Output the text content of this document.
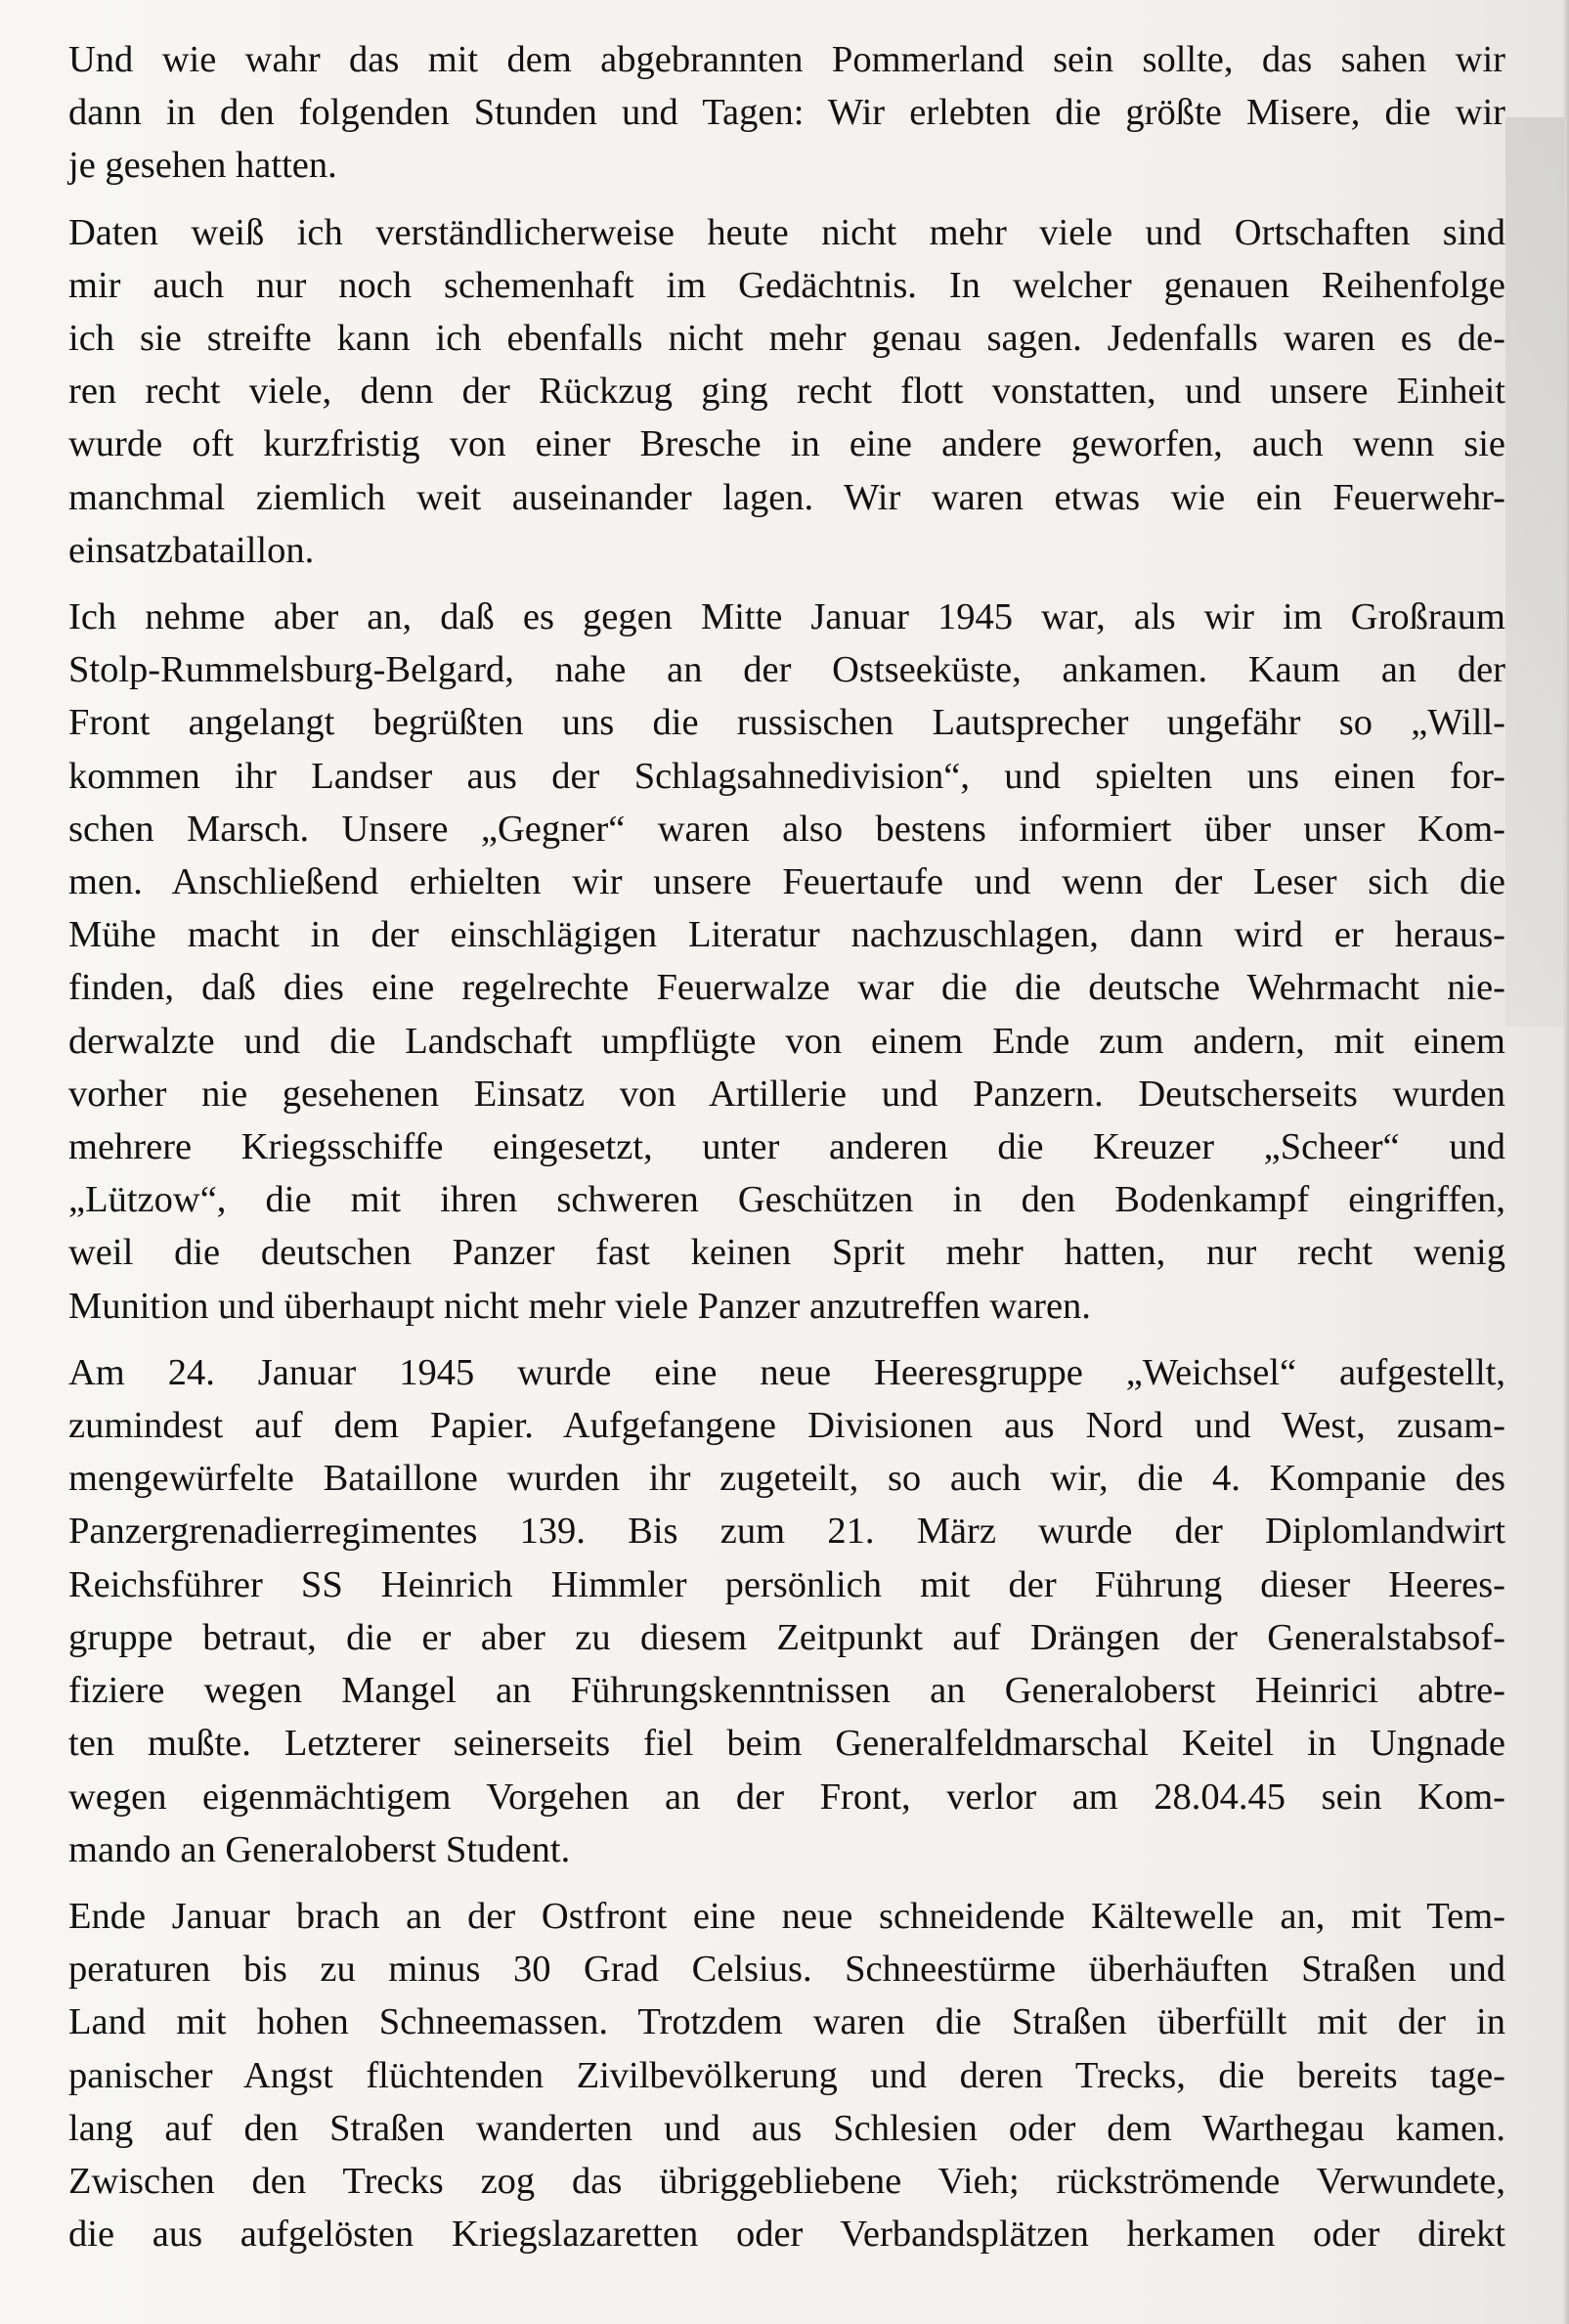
Und wie wahr das mit dem abgebrannten Pommerland sein sollte, das sahen wir
dann in den folgenden Stunden und Tagen: Wir erlebten die größte Misere, die wir
je gesehen hatten.

Daten weiß ich verständlicherweise heute nicht mehr viele und Ortschaften sind
mir auch nur noch schemenhaft im Gedächtnis. In welcher genauen Reihenfolge
ich sie streifte kann ich ebenfalls nicht mehr genau sagen. Jedenfalls waren es de-
ren recht viele, denn der Rückzug ging recht flott vonstatten, und unsere Einheit
wurde oft kurzfristig von einer Bresche in eine andere geworfen, auch wenn sie
manchmal ziemlich weit auseinander lagen. Wir waren etwas wie ein Feuerwehr-
einsatzbataillon.

Ich nehme aber an, daß es gegen Mitte Januar 1945 war, als wir im Großraum
Stolp-Rummelsburg-Belgard, nahe an der Ostseeküste, ankamen. Kaum an der
Front angelangt begrüßten uns die russischen Lautsprecher ungefähr so „Will-
kommen ihr Landser aus der Schlagsahnedivision“, und spielten uns einen for-
schen Marsch. Unsere „Gegner“ waren also bestens informiert über unser Kom-
men. Anschließend erhielten wir unsere Feuertaufe und wenn der Leser sich die
Mühe macht in der einschlägigen Literatur nachzuschlagen, dann wird er heraus-
finden, daß dies eine regelrechte Feuerwalze war die die deutsche Wehrmacht nie-
derwalzte und die Landschaft umpflügte von einem Ende zum andern, mit einem
vorher nie gesehenen Einsatz von Artillerie und Panzern. Deutscherseits wurden
mehrere Kriegsschiffe eingesetzt, unter anderen die Kreuzer „Scheer“ und
„Lützow“, die mit ihren schweren Geschützen in den Bodenkampf eingriffen,
weil die deutschen Panzer fast keinen Sprit mehr hatten, nur recht wenig
Munition und überhaupt nicht mehr viele Panzer anzutreffen waren.

Am 24. Januar 1945 wurde eine neue Heeresgruppe „Weichsel“ aufgestellt,
zumindest auf dem Papier. Aufgefangene Divisionen aus Nord und West, zusam-
mengewürfelte Bataillone wurden ihr zugeteilt, so auch wir, die 4. Kompanie des
Panzergrenadierregimentes 139. Bis zum 21. März wurde der Diplomlandwirt
Reichsführer SS Heinrich Himmler persönlich mit der Führung dieser Heeres-
gruppe betraut, die er aber zu diesem Zeitpunkt auf Drängen der Generalstabsof-
fiziere wegen Mangel an Führungskenntnissen an Generaloberst Heinrici abtre-
ten mußte. Letzterer seinerseits fiel beim Generalfeldmarschal Keitel in Ungnade
wegen eigenmächtigem Vorgehen an der Front, verlor am 28.04.45 sein Kom-
mando an Generaloberst Student.

Ende Januar brach an der Ostfront eine neue schneidende Kältewelle an, mit Tem-
peraturen bis zu minus 30 Grad Celsius. Schneestürme überhäuften Straßen und
Land mit hohen Schneemassen. Trotzdem waren die Straßen überfüllt mit der in
panischer Angst flüchtenden Zivilbevölkerung und deren Trecks, die bereits tage-
lang auf den Straßen wanderten und aus Schlesien oder dem Warthegau kamen.
Zwischen den Trecks zog das übriggebliebene Vieh; rückströmende Verwundete,
die aus aufgelösten Kriegslazaretten oder Verbandsplätzen herkamen oder direkt
